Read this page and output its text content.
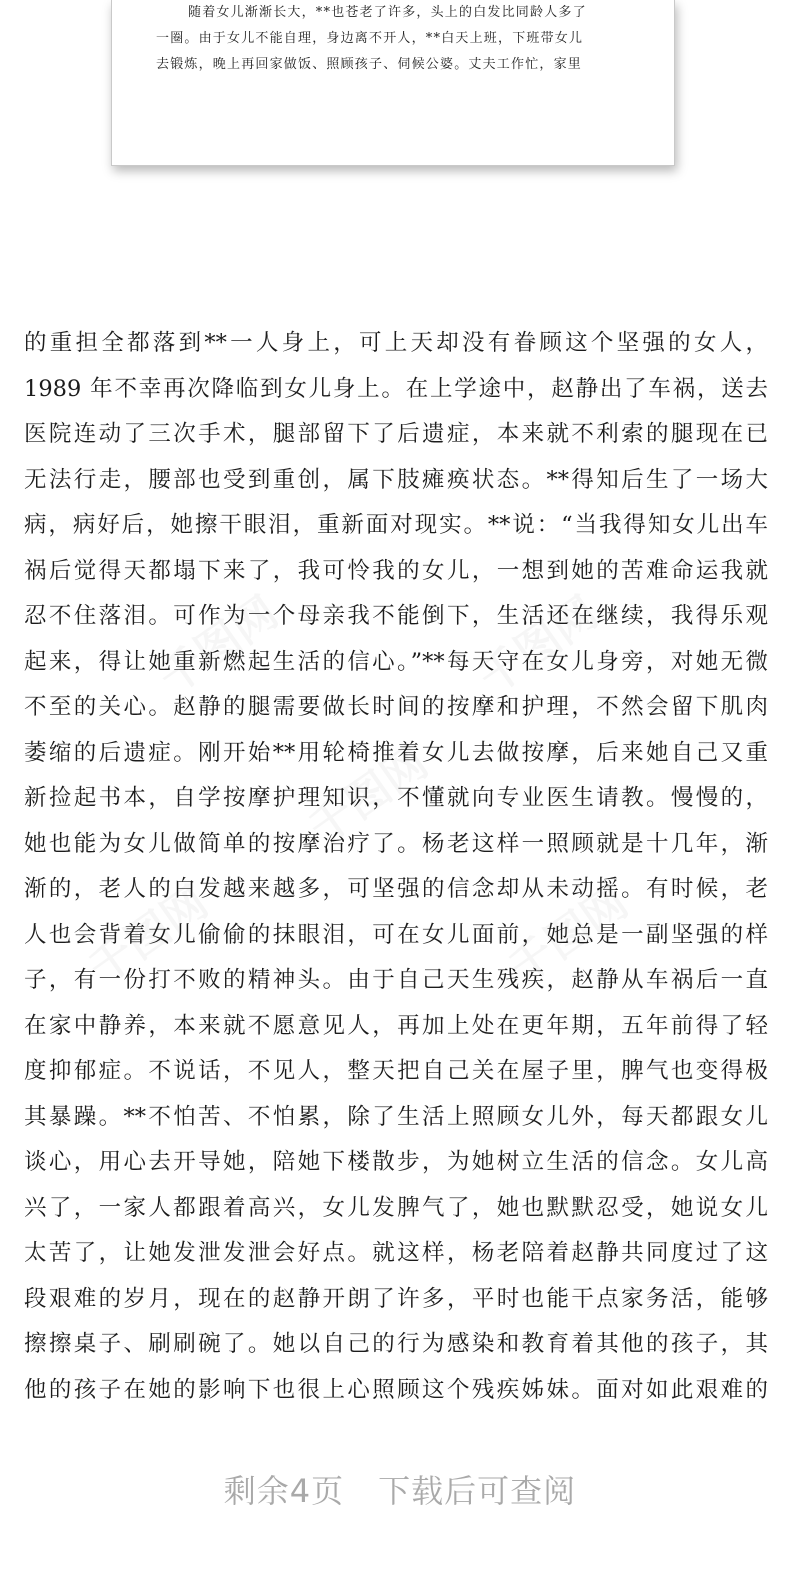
随着女儿渐渐长大，**也苍老了许多，头上的白发比同龄人多了
一圈。由于女儿不能自理，身边离不开人，**白天上班，下班带女儿
去锻炼，晚上再回家做饭、照顾孩子、伺候公婆。丈夫工作忙，家里
的重担全都落到**一人身上，可上天却没有眷顾这个坚强的女人，
1989 年不幸再次降临到女儿身上。在上学途中，赵静出了车祸，送去
医院连动了三次手术，腿部留下了后遗症，本来就不利索的腿现在已
无法行走，腰部也受到重创，属下肢瘫痪状态。**得知后生了一场大
病，病好后，她擦干眼泪，重新面对现实。**说：“当我得知女儿出车
祸后觉得天都塌下来了，我可怜我的女儿，一想到她的苦难命运我就
忍不住落泪。可作为一个母亲我不能倒下，生活还在继续，我得乐观
起来，得让她重新燃起生活的信心。”**每天守在女儿身旁，对她无微
不至的关心。赵静的腿需要做长时间的按摩和护理，不然会留下肌肉
萎缩的后遗症。刚开始**用轮椅推着女儿去做按摩，后来她自己又重
新捡起书本，自学按摩护理知识，不懂就向专业医生请教。慢慢的，
她也能为女儿做简单的按摩治疗了。杨老这样一照顾就是十几年，渐
渐的，老人的白发越来越多，可坚强的信念却从未动摇。有时候，老
人也会背着女儿偷偷的抹眼泪，可在女儿面前，她总是一副坚强的样
子，有一份打不败的精神头。由于自己天生残疾，赵静从车祸后一直
在家中静养，本来就不愿意见人，再加上处在更年期，五年前得了轻
度抑郁症。不说话，不见人，整天把自己关在屋子里，脾气也变得极
其暴躁。**不怕苦、不怕累，除了生活上照顾女儿外，每天都跟女儿
谈心，用心去开导她，陪她下楼散步，为她树立生活的信念。女儿高
兴了，一家人都跟着高兴，女儿发脾气了，她也默默忍受，她说女儿
太苦了，让她发泄发泄会好点。就这样，杨老陪着赵静共同度过了这
段艰难的岁月，现在的赵静开朗了许多，平时也能干点家务活，能够
擦擦桌子、刷刷碗了。她以自己的行为感染和教育着其他的孩子，其
他的孩子在她的影响下也很上心照顾这个残疾姊妹。面对如此艰难的
剩余4页 下载后可查阅
